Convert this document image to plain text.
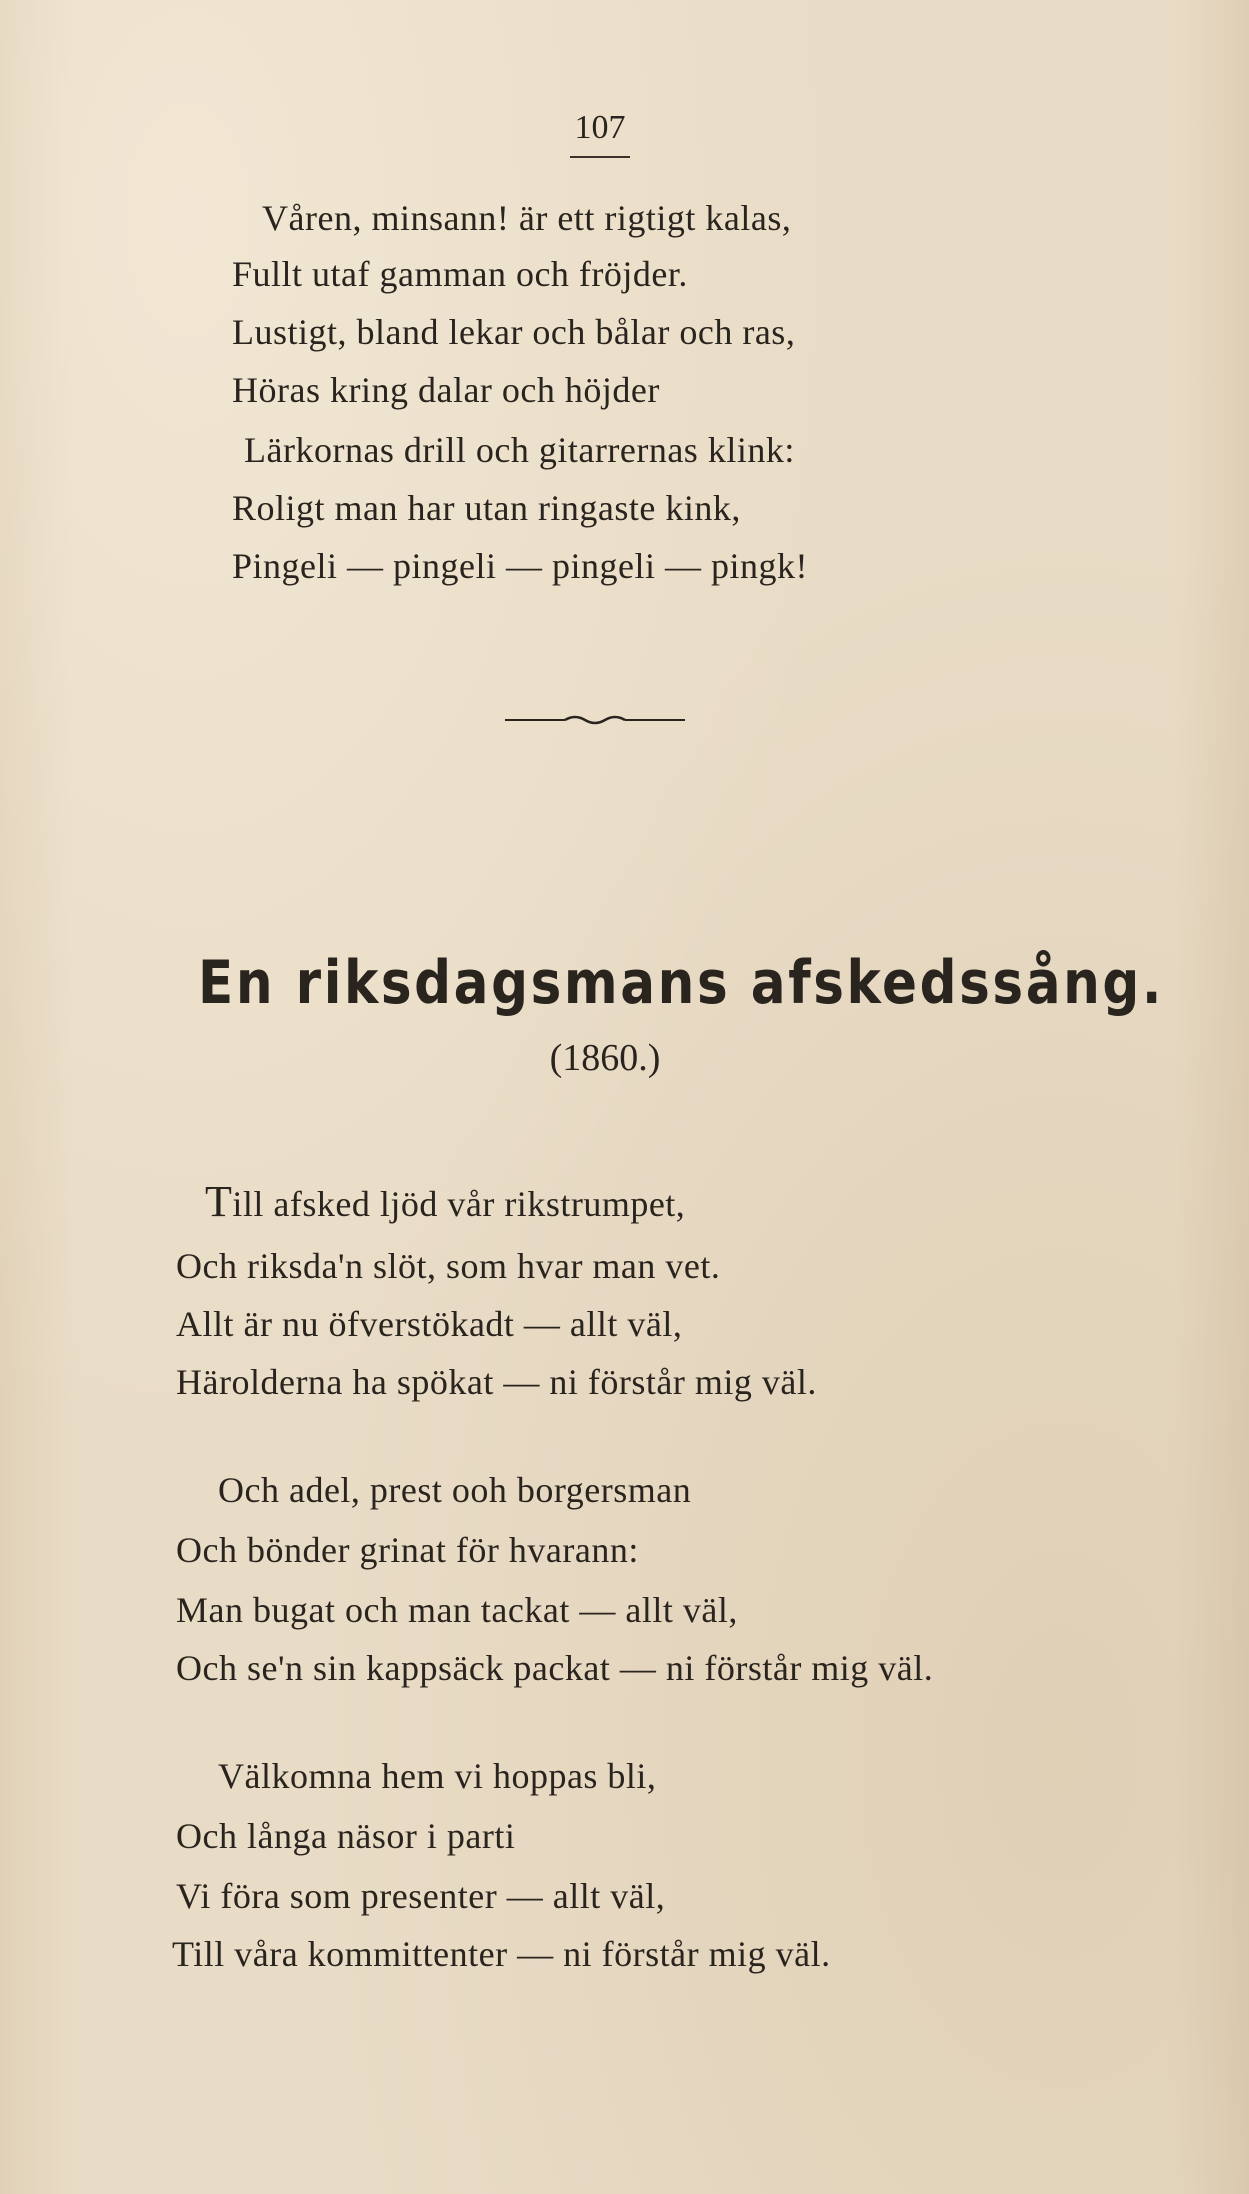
107
Våren, minsann! är ett rigtigt kalas,
Fullt utaf gamman och fröjder.
Lustigt, bland lekar och bålar och ras,
Höras kring dalar och höjder
Lärkornas drill och gitarrernas klink:
Roligt man har utan ringaste kink,
Pingeli — pingeli — pingeli — pingk!
En riksdagsmans afskedssång.
(1860.)
Till afsked ljöd vår rikstrumpet,
Och riksda'n slöt, som hvar man vet.
Allt är nu öfverstökadt — allt väl,
Härolderna ha spökat — ni förstår mig väl.
Och adel, prest ooh borgersman
Och bönder grinat för hvarann:
Man bugat och man tackat — allt väl,
Och se'n sin kappsäck packat — ni förstår mig väl.
Välkomna hem vi hoppas bli,
Och långa näsor i parti
Vi föra som presenter — allt väl,
Till våra kommittenter — ni förstår mig väl.
